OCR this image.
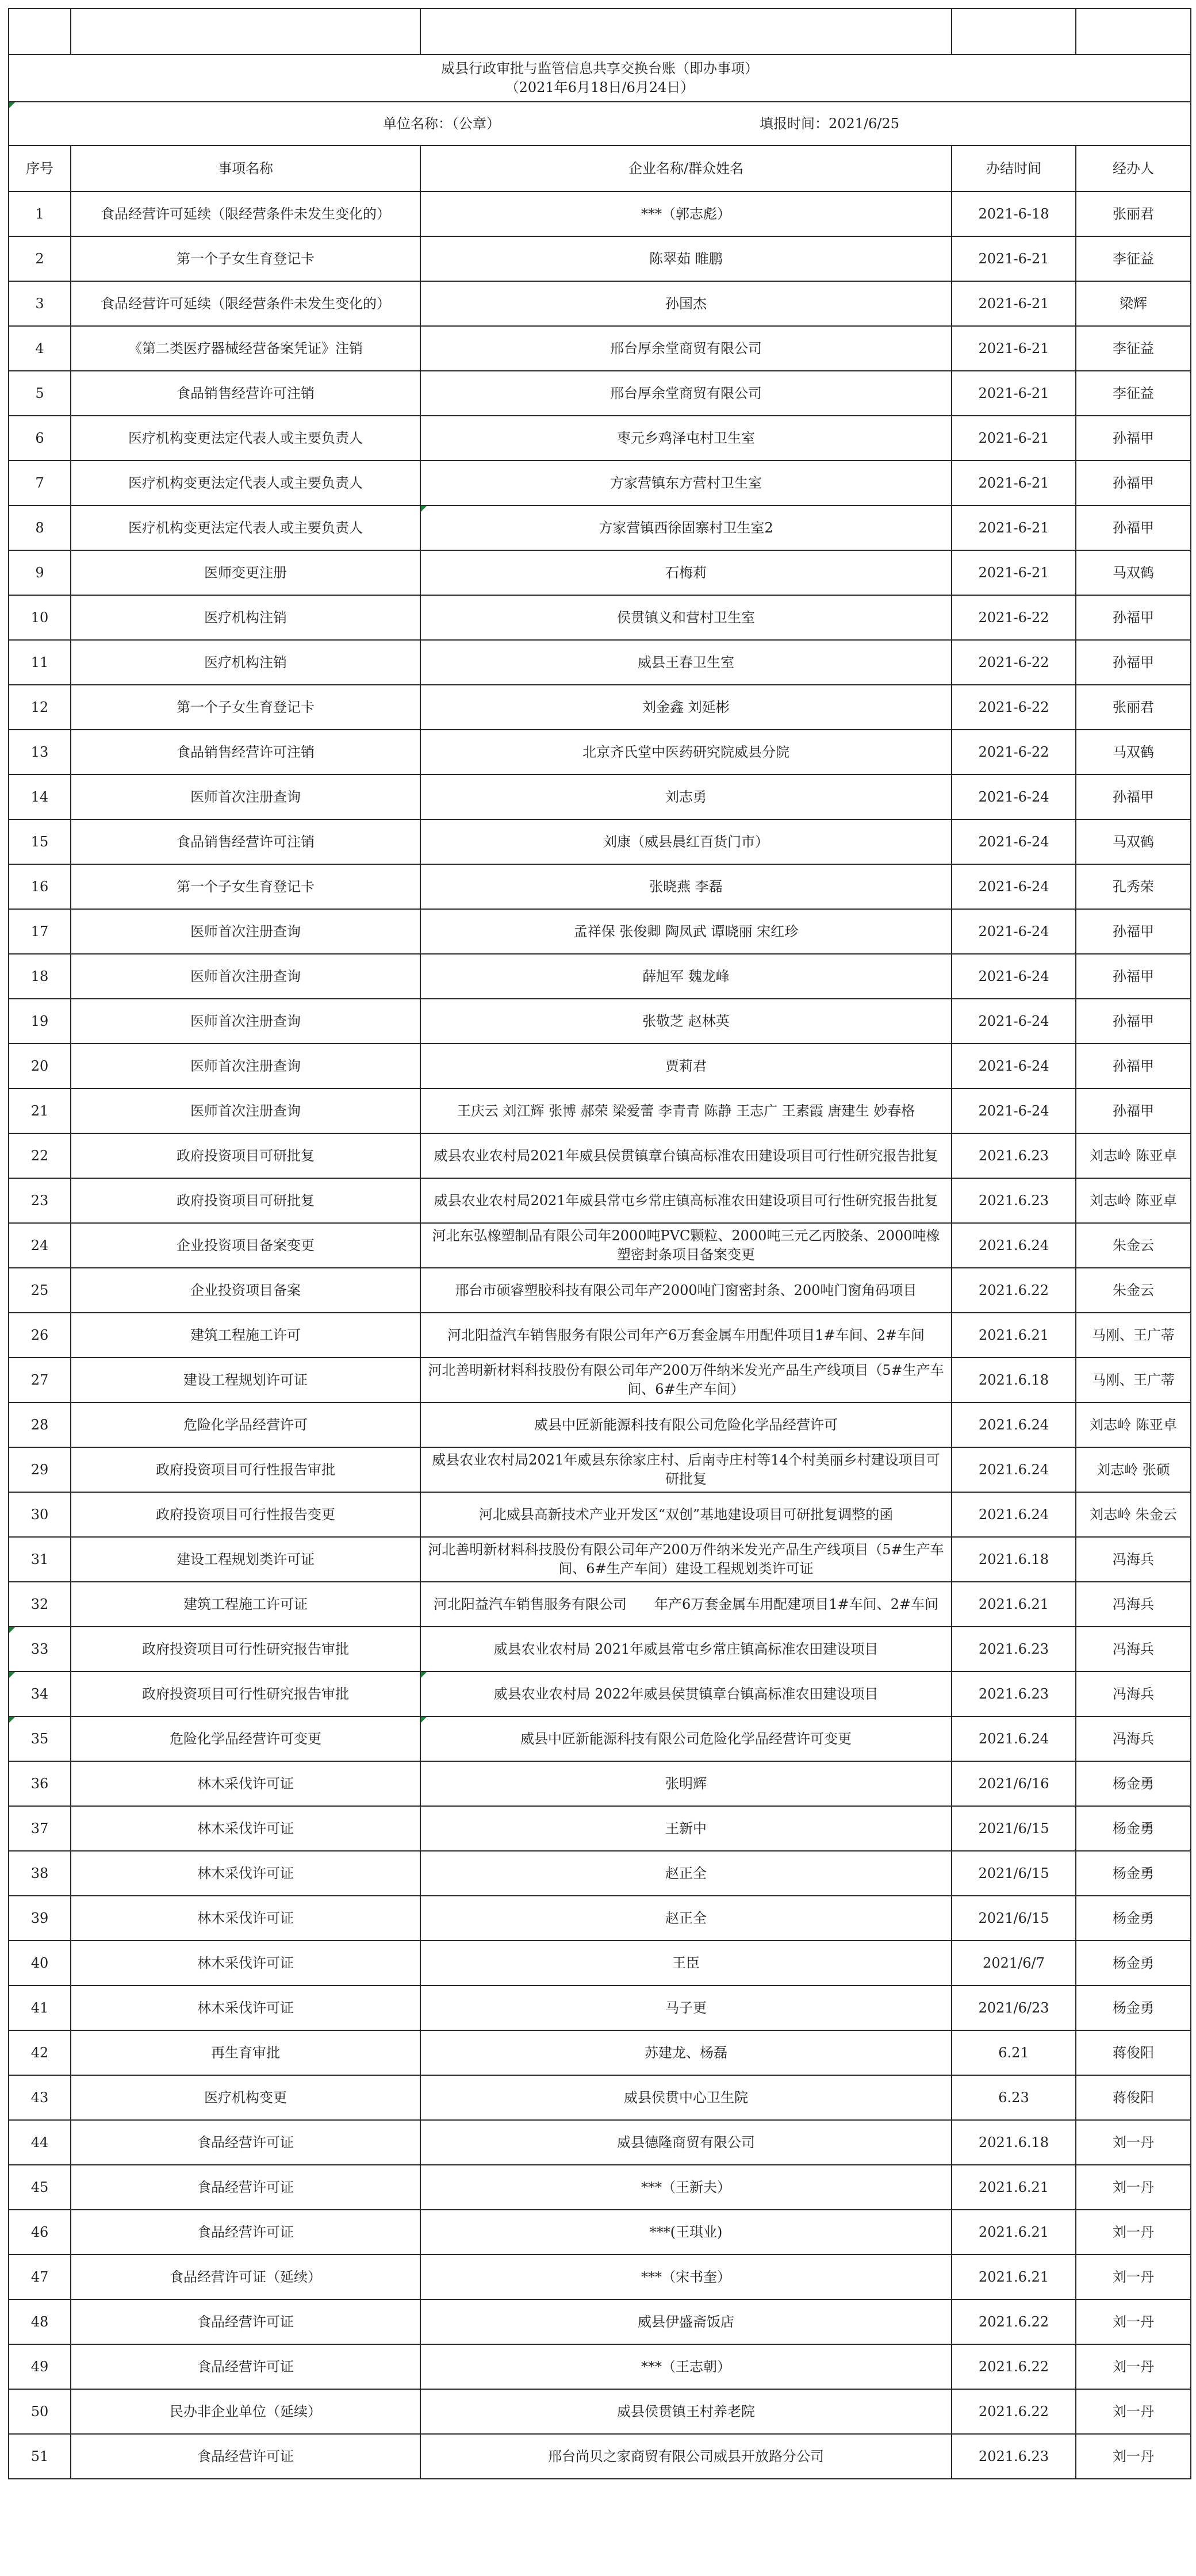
威县行政审批与监管信息共享交换台账（即办事项）
（2021年6月18日/6月24日）				

单位名称：（公章） 填报时间：2021/6/25				

序号	事项名称	企业名称/群众姓名	办结时间	经办人
1	食品经营许可延续（限经营条件未发生变化的）	***（郭志彪）	2021-6-18	张丽君
2	第一个子女生育登记卡	陈翠茹 睢鹏	2021-6-21	李征益
3	食品经营许可延续（限经营条件未发生变化的）	孙国杰	2021-6-21	梁辉
4	《第二类医疗器械经营备案凭证》注销	邢台厚余堂商贸有限公司	2021-6-21	李征益
5	食品销售经营许可注销	邢台厚余堂商贸有限公司	2021-6-21	李征益
6	医疗机构变更法定代表人或主要负责人	枣元乡鸡泽屯村卫生室	2021-6-21	孙福甲
7	医疗机构变更法定代表人或主要负责人	方家营镇东方营村卫生室	2021-6-21	孙福甲
8	医疗机构变更法定代表人或主要负责人	方家营镇西徐固寨村卫生室2	2021-6-21	孙福甲
9	医师变更注册	石梅莉	2021-6-21	马双鹤
10	医疗机构注销	侯贯镇义和营村卫生室	2021-6-22	孙福甲
11	医疗机构注销	威县王春卫生室	2021-6-22	孙福甲
12	第一个子女生育登记卡	刘金鑫 刘延彬	2021-6-22	张丽君
13	食品销售经营许可注销	北京齐氏堂中医药研究院威县分院	2021-6-22	马双鹤
14	医师首次注册查询	刘志勇	2021-6-24	孙福甲
15	食品销售经营许可注销	刘康（威县晨红百货门市）	2021-6-24	马双鹤
16	第一个子女生育登记卡	张晓燕 李磊	2021-6-24	孔秀荣
17	医师首次注册查询	孟祥保 张俊卿 陶凤武 谭晓丽 宋红珍	2021-6-24	孙福甲
18	医师首次注册查询	薛旭军 魏龙峰	2021-6-24	孙福甲
19	医师首次注册查询	张敬芝 赵林英	2021-6-24	孙福甲
20	医师首次注册查询	贾莉君	2021-6-24	孙福甲
21	医师首次注册查询	王庆云 刘江辉 张博 郝荣 梁爱蕾 李青青 陈静 王志广 王素霞 唐建生 妙春格	2021-6-24	孙福甲
22	政府投资项目可研批复	威县农业农村局2021年威县侯贯镇章台镇高标准农田建设项目可行性研究报告批复	2021.6.23	刘志岭 陈亚卓
23	政府投资项目可研批复	威县农业农村局2021年威县常屯乡常庄镇高标准农田建设项目可行性研究报告批复	2021.6.23	刘志岭 陈亚卓
24	企业投资项目备案变更	河北东弘橡塑制品有限公司年2000吨PVC颗粒、2000吨三元乙丙胶条、2000吨橡塑密封条项目备案变更	2021.6.24	朱金云
25	企业投资项目备案	邢台市硕睿塑胶科技有限公司年产2000吨门窗密封条、200吨门窗角码项目	2021.6.22	朱金云
26	建筑工程施工许可	河北阳益汽车销售服务有限公司年产6万套金属车用配件项目1#车间、2#车间	2021.6.21	马刚、王广蒂
27	建设工程规划许可证	河北善明新材料科技股份有限公司年产200万件纳米发光产品生产线项目（5#生产车间、6#生产车间）	2021.6.18	马刚、王广蒂
28	危险化学品经营许可	威县中匠新能源科技有限公司危险化学品经营许可	2021.6.24	刘志岭 陈亚卓
29	政府投资项目可行性报告审批	威县农业农村局2021年威县东徐家庄村、后南寺庄村等14个村美丽乡村建设项目可研批复	2021.6.24	刘志岭 张硕
30	政府投资项目可行性报告变更	河北威县高新技术产业开发区“双创”基地建设项目可研批复调整的函	2021.6.24	刘志岭 朱金云
31	建设工程规划类许可证	河北善明新材料科技股份有限公司年产200万件纳米发光产品生产线项目（5#生产车间、6#生产车间）建设工程规划类许可证	2021.6.18	冯海兵
32	建筑工程施工许可证	河北阳益汽车销售服务有限公司　　年产6万套金属车用配建项目1#车间、2#车间	2021.6.21	冯海兵
33	政府投资项目可行性研究报告审批	威县农业农村局 2021年威县常屯乡常庄镇高标准农田建设项目	2021.6.23	冯海兵
34	政府投资项目可行性研究报告审批	威县农业农村局 2022年威县侯贯镇章台镇高标准农田建设项目	2021.6.23	冯海兵
35	危险化学品经营许可变更	威县中匠新能源科技有限公司危险化学品经营许可变更	2021.6.24	冯海兵
36	林木采伐许可证	张明辉	2021/6/16	杨金勇
37	林木采伐许可证	王新中	2021/6/15	杨金勇
38	林木采伐许可证	赵正全	2021/6/15	杨金勇
39	林木采伐许可证	赵正全	2021/6/15	杨金勇
40	林木采伐许可证	王臣	2021/6/7	杨金勇
41	林木采伐许可证	马子更	2021/6/23	杨金勇
42	再生育审批	苏建龙、杨磊	6.21	蒋俊阳
43	医疗机构变更	威县侯贯中心卫生院	6.23	蒋俊阳
44	食品经营许可证	威县德隆商贸有限公司	2021.6.18	刘一丹
45	食品经营许可证	***（王新夫）	2021.6.21	刘一丹
46	食品经营许可证	***(王琪业)	2021.6.21	刘一丹
47	食品经营许可证（延续）	***（宋书奎）	2021.6.21	刘一丹
48	食品经营许可证	威县伊盛斋饭店	2021.6.22	刘一丹
49	食品经营许可证	***（王志朝）	2021.6.22	刘一丹
50	民办非企业单位（延续）	威县侯贯镇王村养老院	2021.6.22	刘一丹
51	食品经营许可证	邢台尚贝之家商贸有限公司威县开放路分公司	2021.6.23	刘一丹
